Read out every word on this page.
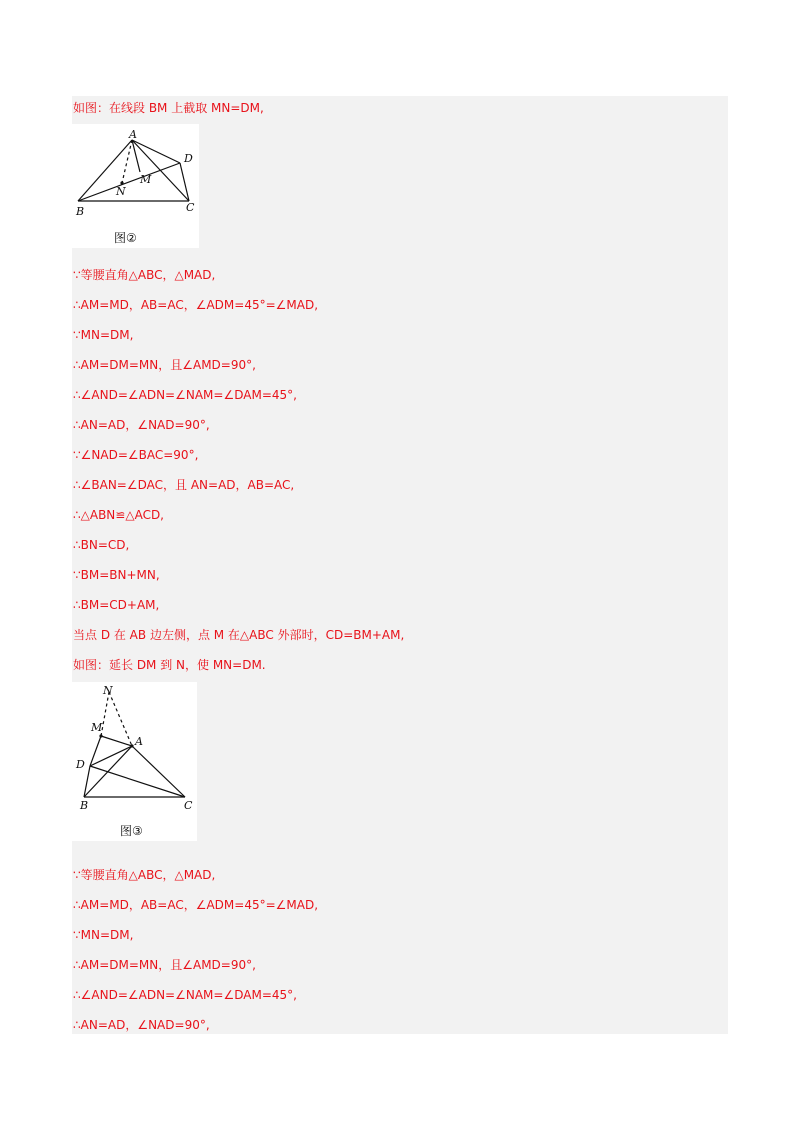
如图：在线段 BM 上截取 MN=DM,
A
D
M
N
B	C
图②
∵等腰直角△ABC，△MAD,
∴AM=MD，AB=AC，∠ADM=45°=∠MAD,
∵MN=DM,
∴AM=DM=MN，且∠AMD=90°,
∴∠AND=∠ADN=∠NAM=∠DAM=45°,
∴AN=AD，∠NAD=90°,
∵∠NAD=∠BAC=90°,
∴∠BAN=∠DAC，且 AN=AD，AB=AC,
∴△ABN≌△ACD,
∴BN=CD,
∵BM=BN+MN,
∴BM=CD+AM,
当点 D 在 AB 边左侧，点 M 在△ABC 外部时，CD=BM+AM,
如图：延长 DM 到 N，使 MN=DM.
N
M
A
D
B	C
图③
∵等腰直角△ABC，△MAD,
∴AM=MD，AB=AC，∠ADM=45°=∠MAD,
∵MN=DM,
∴AM=DM=MN，且∠AMD=90°,
∴∠AND=∠ADN=∠NAM=∠DAM=45°,
∴AN=AD，∠NAD=90°,
